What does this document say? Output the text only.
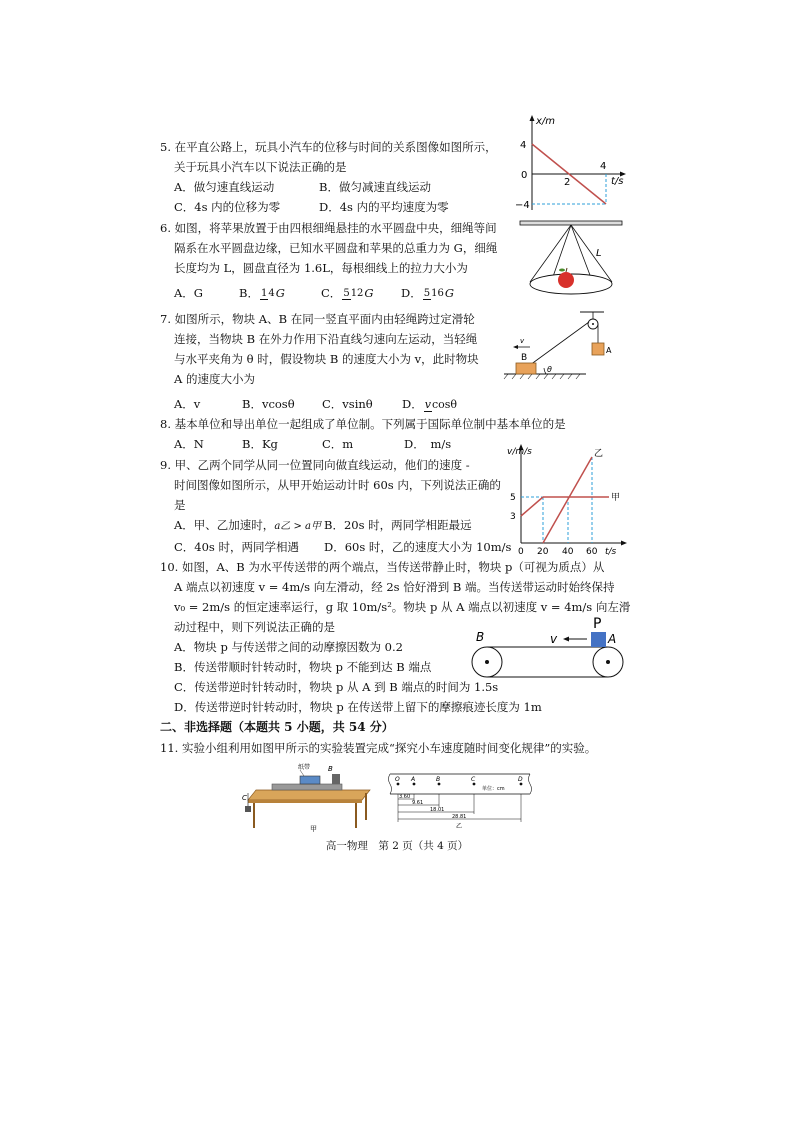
5. 在平直公路上，玩具小汽车的位移与时间的关系图像如图所示，
关于玩具小汽车以下说法正确的是
A．做匀速直线运动	B．做匀减速直线运动
C．4s 内的位移为零	D．4s 内的平均速度为零
x/m
4
0
−4
2
4
t/s
6. 如图，将苹果放置于由四根细绳悬挂的水平圆盘中央，细绳等间
隔系在水平圆盘边缘，已知水平圆盘和苹果的总重力为 G，细绳
长度均为 L，圆盘直径为 1.6L，每根细线上的拉力大小为
A．G	B． 14G	C． 512G	D． 516G
L
7. 如图所示，物块 A、B 在同一竖直平面内由轻绳跨过定滑轮
连接，当物块 B 在外力作用下沿直线匀速向左运动，当轻绳
与水平夹角为 θ 时，假设物块 B 的速度大小为 v，此时物块
A 的速度大小为
A．v	B．vcosθ	C．vsinθ	D． vcosθ
v
B
A
θ
8. 基本单位和导出单位一起组成了单位制。下列属于国际单位制中基本单位的是
A．N	B．Kg	C．m	D．　m/s
9. 甲、乙两个同学从同一位置同向做直线运动，他们的速度 -
时间图像如图所示，从甲开始运动计时 60s 内，下列说法正确的
是
A．甲、乙加速时，a乙 > a甲 B．20s 时，两同学相距最远
C．40s 时，两同学相遇	D．60s 时，乙的速度大小为 10m/s
v/m/s
5
3
0 20 40 60 t/s
甲
乙
10. 如图，A、B 为水平传送带的两个端点，当传送带静止时，物块 p（可视为质点）从
A 端点以初速度 v = 4m/s 向左滑动，经 2s 恰好滑到 B 端。当传送带运动时始终保持
v₀ = 2m/s 的恒定速率运行，g 取 10m/s²。物块 p 从 A 端点以初速度 v = 4m/s 向左滑
动过程中，则下列说法正确的是
A．物块 p 与传送带之间的动摩擦因数为 0.2
B．传送带顺时针转动时，物块 p 不能到达 B 端点
C．传送带逆时针转动时，物块 p 从 A 到 B 端点的时间为 1.5s
D．传送带逆时针转动时，物块 p 在传送带上留下的摩擦痕迹长度为 1m
P
A
B	v
二、非选择题（本题共 5 小题，共 54 分）
11. 实验小组利用如图甲所示的实验装置完成“探究小车速度随时间变化规律”的实验。
纸带	B
C
甲
O A	B	C	D
单位：cm
3.60
9.61
18.01
28.81
乙
高一物理　第 2 页（共 4 页）
